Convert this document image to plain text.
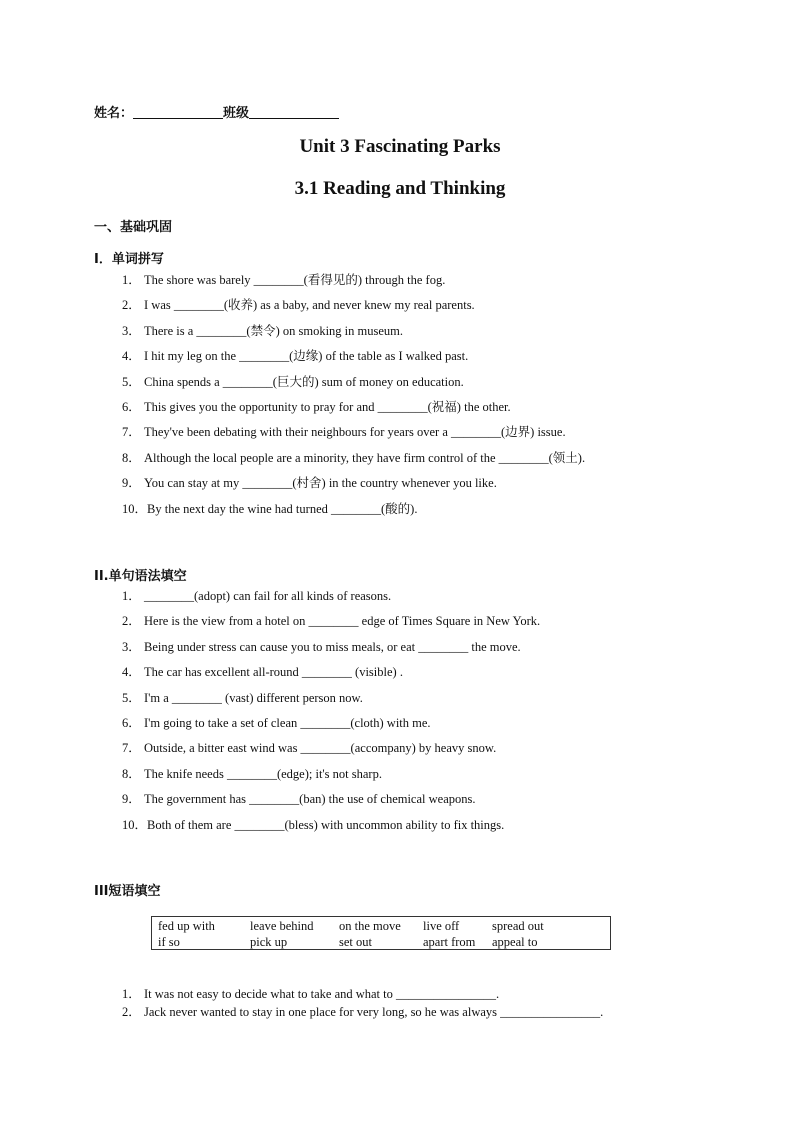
姓名：	班级
Unit 3 Fascinating Parks
3.1 Reading and Thinking
一、基础巩固
I．单词拼写
1． The shore was barely ________(看得见的) through the fog.
2． I was ________(收养) as a baby, and never knew my real parents.
3． There is a ________(禁令) on smoking in museum.
4． I hit my leg on the ________(边缘) of the table as I walked past.
5． China spends a ________(巨大的) sum of money on education.
6． This gives you the opportunity to pray for and ________(祝福) the other.
7． They've been debating with their neighbours for years over a ________(边界) issue.
8． Although the local people are a minority, they have firm control of the ________(领土).
9． You can stay at my ________(村舍) in the country whenever you like.
10．By the next day the wine had turned ________(酸的).
II.单句语法填空
1． ________(adopt) can fail for all kinds of reasons.
2． Here is the view from a hotel on ________ edge of Times Square in New York.
3． Being under stress can cause you to miss meals, or eat ________ the move.
4． The car has excellent all-round ________ (visible) .
5． I'm a ________ (vast) different person now.
6． I'm going to take a set of clean ________(cloth) with me.
7． Outside, a bitter east wind was ________(accompany) by heavy snow.
8． The knife needs ________(edge); it's not sharp.
9． The government has ________(ban) the use of chemical weapons.
10．Both of them are ________(bless) with uncommon ability to fix things.
III短语填空
fed up with	leave behind	on the move	live off	spread out
if so	pick up	set out	apart from	appeal to
1． It was not easy to decide what to take and what to ________________.
2． Jack never wanted to stay in one place for very long, so he was always ________________.
